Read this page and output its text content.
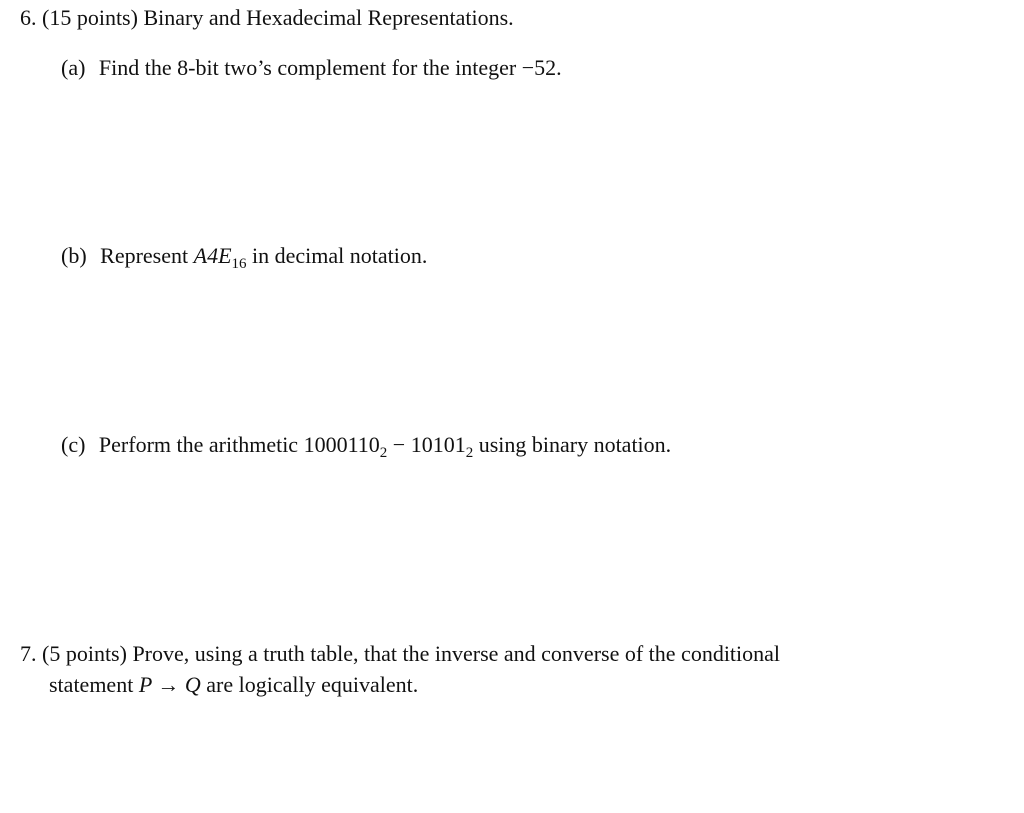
6. (15 points) Binary and Hexadecimal Representations.
(a) Find the 8-bit two’s complement for the integer −52.
(b) Represent $A4E_{16}$ in decimal notation.
(c) Perform the arithmetic $1000110_2 - 10101_2$ using binary notation.
7. (5 points) Prove, using a truth table, that the inverse and converse of the conditional
statement P → Q are logically equivalent.
